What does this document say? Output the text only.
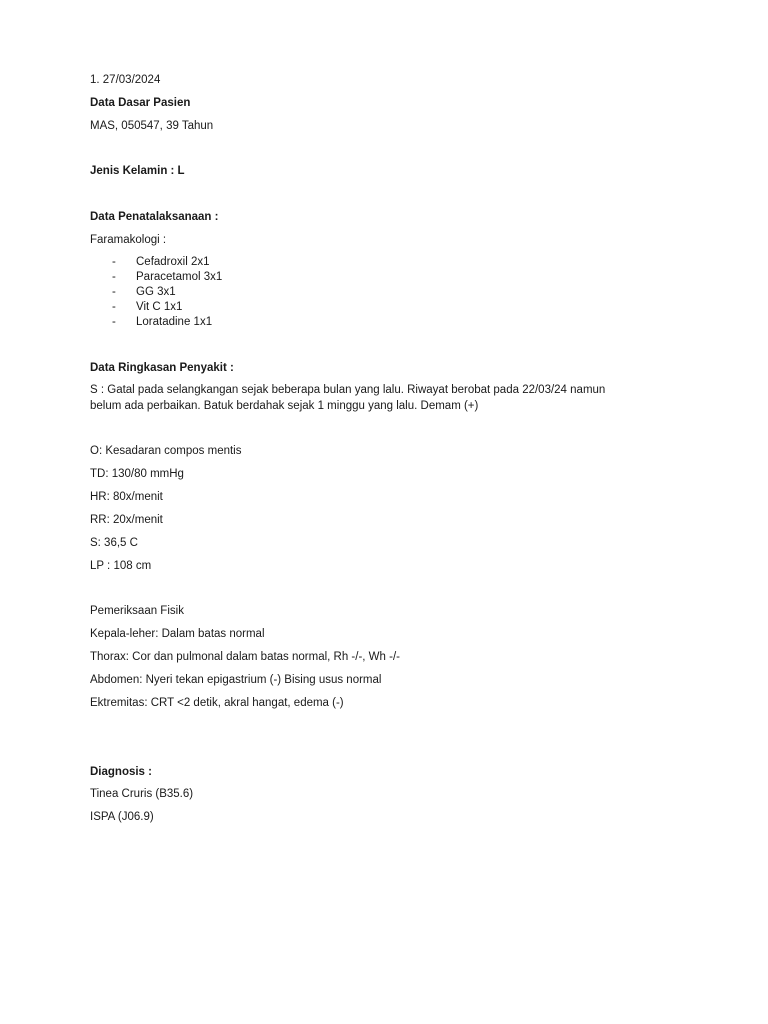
1. 27/03/2024
Data Dasar Pasien
MAS, 050547, 39 Tahun
Jenis Kelamin : L
Data Penatalaksanaan :
Faramakologi :
- Cefadroxil 2x1
- Paracetamol 3x1
- GG 3x1
- Vit C 1x1
- Loratadine 1x1
Data Ringkasan Penyakit :
S : Gatal pada selangkangan sejak beberapa bulan yang lalu. Riwayat berobat pada 22/03/24 namun
belum ada perbaikan. Batuk berdahak sejak 1 minggu yang lalu. Demam (+)
O: Kesadaran compos mentis
TD: 130/80 mmHg
HR: 80x/menit
RR: 20x/menit
S: 36,5 C
LP : 108 cm
Pemeriksaan Fisik
Kepala-leher: Dalam batas normal
Thorax: Cor dan pulmonal dalam batas normal, Rh -/-, Wh -/-
Abdomen: Nyeri tekan epigastrium (-) Bising usus normal
Ektremitas: CRT <2 detik, akral hangat, edema (-)
Diagnosis :
Tinea Cruris (B35.6)
ISPA (J06.9)
